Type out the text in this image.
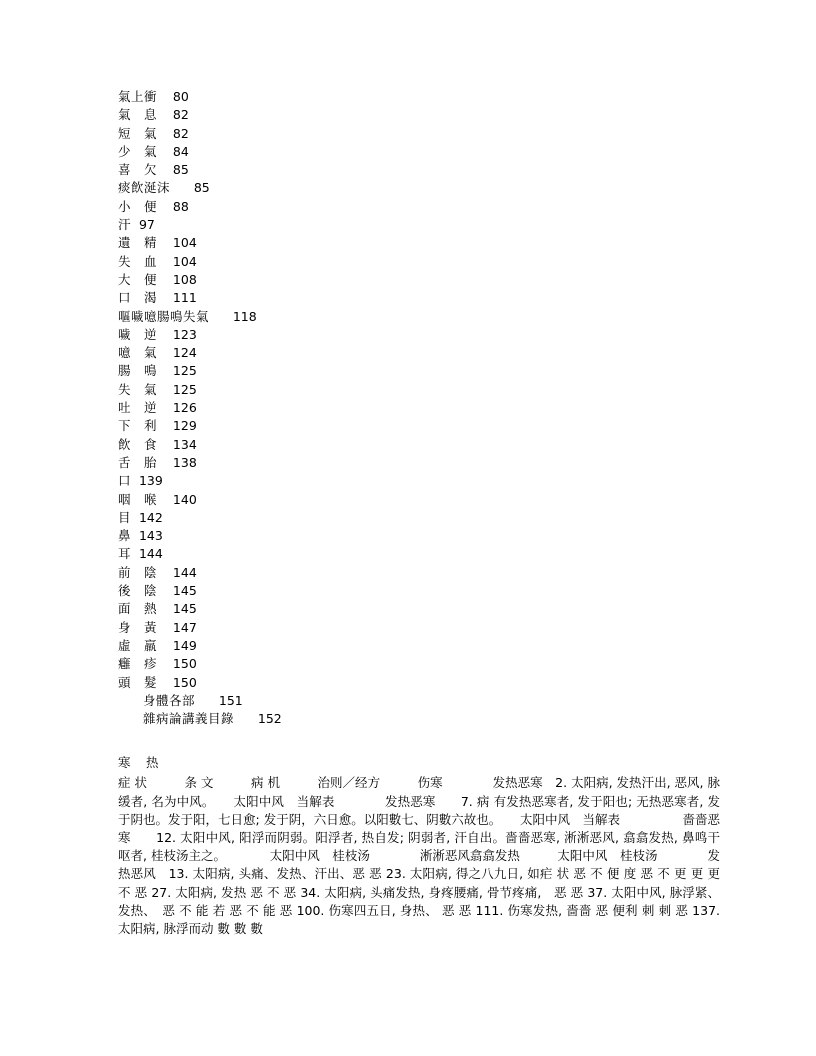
氣上衝 80
氣　息 82
短　氣 82
少　氣 84
喜　欠 85
痰飲涎沫 85
小　便 88
汗 97
遺　精 104
失　血 104
大　便 108
口　渴 111
嘔噦噫腸鳴失氣 118
噦　逆 123
噫　氣 124
腸　鳴 125
失　氣 125
吐　逆 126
下　利 129
飲　食 134
舌　胎 138
口 139
咽　喉 140
目 142
鼻 143
耳 144
前　陰 144
後　陰 145
面　熱 145
身　黃 147
虛　羸 149
癰　疹 150
頭　髮 150
　　身體各部 151
　　雜病論講義目錄 152
寒　热
症 状　　　条 文　　　病 机　　　治则／经方　　　伤寒　　　　发热恶寒　2. 太阳病, 发热汗出, 恶风, 脉缓者, 名为中风。　　太阳中风　当解表　　　　发热恶寒　　7. 病 有发热恶寒者, 发于阳也; 无热恶寒者, 发于阴也。发于阳，七日愈; 发于阴，六日愈。以阳數七、阴數六故也。　　太阳中风　当解表　　　　　嗇嗇恶寒　　12. 太阳中风, 阳浮而阴弱。阳浮者, 热自发; 阴弱者, 汗自出。嗇嗇恶寒, 淅淅恶风, 翕翕发热, 鼻鸣干呕者, 桂枝汤主之。　　　　太阳中风　桂枝汤　　　　淅淅恶风翕翕发热　　　太阳中风　桂枝汤　　　　发热恶风　13. 太阳病, 头痛、发热、汗出、恶 恶 23. 太阳病, 得之八九日, 如疟 状 恶 不 便 度 恶 不 更 更 更 不 恶 27. 太阳病, 发热 恶 不 恶 34. 太阳病, 头痛发热, 身疼腰痛, 骨节疼痛,　恶 恶 37. 太阳中风, 脉浮紧、发热、　恶 不 能 若 恶 不 能 恶 100. 伤寒四五日, 身热、 恶 恶 111. 伤寒发热, 嗇嗇 恶 便利 刺 刺 恶 137. 太阳病, 脉浮而动 數 數 數
